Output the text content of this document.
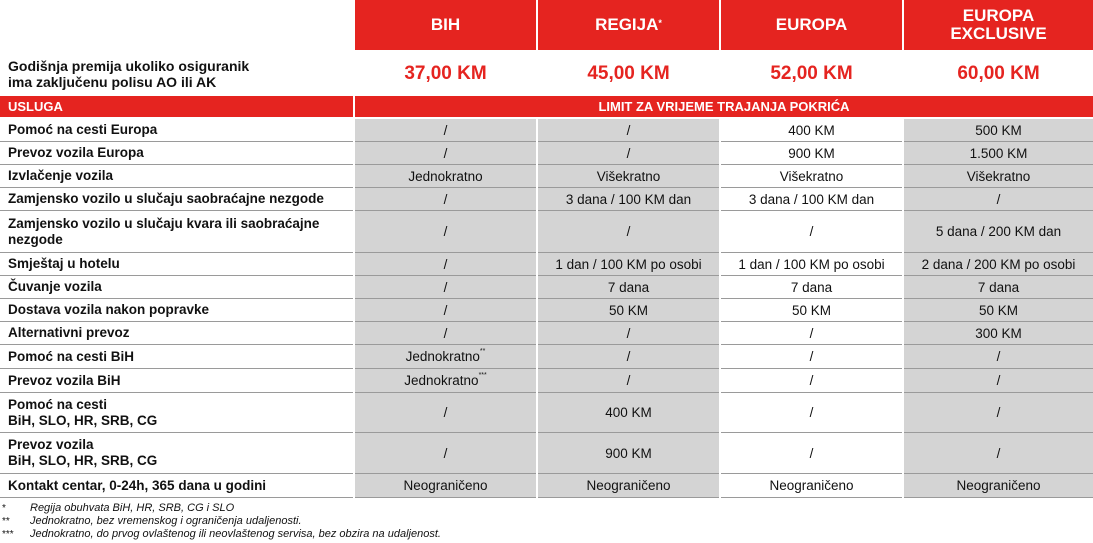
BIH	REGIJA*	EUROPA	EUROPA EXCLUSIVE
Godišnja premija ukoliko osiguranik
ima zaključenu polisu AO ili AK	37,00 KM	45,00 KM	52,00 KM	60,00 KM
USLUGA	LIMIT ZA VRIJEME TRAJANJA POKRIĆA
Pomoć na cesti Europa	/	/	400 KM	500 KM
Prevoz vozila Europa	/	/	900 KM	1.500 KM
Izvlačenje vozila	Jednokratno	Višekratno	Višekratno	Višekratno
Zamjensko vozilo u slučaju saobraćajne nezgode	/	3 dana / 100 KM dan	3 dana / 100 KM dan	/
Zamjensko vozilo u slučaju kvara ili saobraćajne
nezgode	/	/	/	5 dana / 200 KM dan
Smještaj u hotelu	/	1 dan / 100 KM po osobi	1 dan / 100 KM po osobi	2 dana / 200 KM po osobi
Čuvanje vozila	/	7 dana	7 dana	7 dana
Dostava vozila nakon popravke	/	50 KM	50 KM	50 KM
Alternativni prevoz	/	/	/	300 KM
Pomoć na cesti BiH	Jednokratno**	/	/	/
Prevoz vozila BiH	Jednokratno***	/	/	/
Pomoć na cesti
BiH, SLO, HR, SRB, CG	/	400 KM	/	/
Prevoz vozila
BiH, SLO, HR, SRB, CG	/	900 KM	/	/
Kontakt centar, 0-24h, 365 dana u godini	Neograničeno	Neograničeno	Neograničeno	Neograničeno
*	Regija obuhvata BiH, HR, SRB, CG i SLO
**	Jednokratno, bez vremenskog i ograničenja udaljenosti.
***	Jednokratno, do prvog ovlaštenog ili neovlaštenog servisa, bez obzira na udaljenost.
